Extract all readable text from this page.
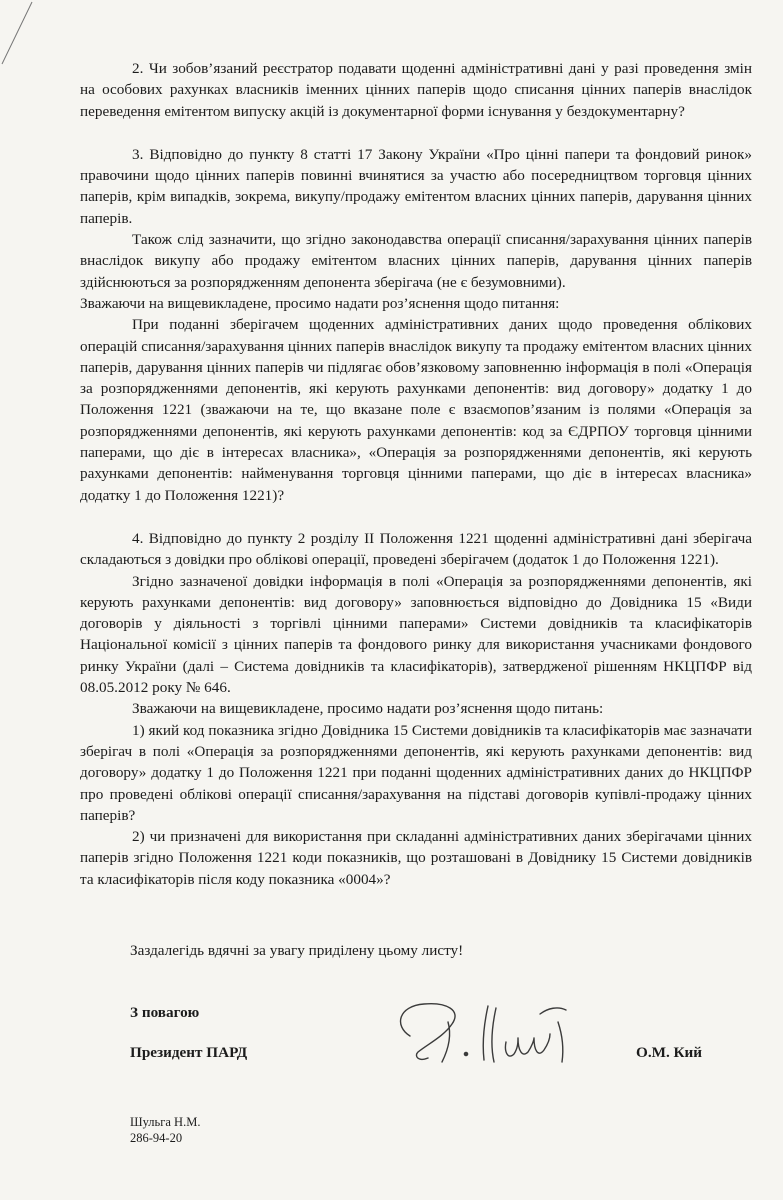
2. Чи зобов’язаний реєстратор подавати щоденні адміністративні дані у разі проведення змін на особових рахунках власників іменних цінних паперів щодо списання цінних паперів внаслідок переведення емітентом випуску акцій із документарної форми існування у бездокументарну?

3. Відповідно до пункту 8 статті 17 Закону України «Про цінні папери та фондовий ринок» правочини щодо цінних паперів повинні вчинятися за участю або посередництвом торговця цінних паперів, крім випадків, зокрема, викупу/продажу емітентом власних цінних паперів, дарування цінних паперів.

Також слід зазначити, що згідно законодавства операції списання/зарахування цінних паперів внаслідок викупу або продажу емітентом власних цінних паперів, дарування цінних паперів здійснюються за розпорядженням депонента зберігача (не є безумовними).

Зважаючи на вищевикладене, просимо надати роз’яснення щодо питання:

При поданні зберігачем щоденних адміністративних даних щодо проведення облікових операцій списання/зарахування цінних паперів внаслідок викупу та продажу емітентом власних цінних паперів, дарування цінних паперів чи підлягає обов’язковому заповненню інформація в полі «Операція за розпорядженнями депонентів, які керують рахунками депонентів: вид договору» додатку 1 до Положення 1221 (зважаючи на те, що вказане поле є взаємопов’язаним із полями «Операція за розпорядженнями депонентів, які керують рахунками депонентів: код за ЄДРПОУ торговця цінними паперами, що діє в інтересах власника», «Операція за розпорядженнями депонентів, які керують рахунками депонентів: найменування торговця цінними паперами, що діє в інтересах власника» додатку 1 до Положення 1221)?

4. Відповідно до пункту 2 розділу II Положення 1221 щоденні адміністративні дані зберігача складаються з довідки про облікові операції, проведені зберігачем (додаток 1 до Положення 1221).

Згідно зазначеної довідки інформація в полі «Операція за розпорядженнями депонентів, які керують рахунками депонентів: вид договору» заповнюється відповідно до Довідника 15 «Види договорів у діяльності з торгівлі цінними паперами» Системи довідників та класифікаторів Національної комісії з цінних паперів та фондового ринку для використання учасниками фондового ринку України (далі – Система довідників та класифікаторів), затвердженої рішенням НКЦПФР від 08.05.2012 року № 646.

Зважаючи на вищевикладене, просимо надати роз’яснення щодо питань:

1) який код показника згідно Довідника 15 Системи довідників та класифікаторів має зазначати зберігач в полі «Операція за розпорядженнями депонентів, які керують рахунками депонентів: вид договору» додатку 1 до Положення 1221 при поданні щоденних адміністративних даних до НКЦПФР про проведені облікові операції списання/зарахування на підставі договорів купівлі-продажу цінних паперів?

2) чи призначені для використання при складанні адміністративних даних зберігачами цінних паперів згідно Положення 1221 коди показників, що розташовані в Довіднику 15 Системи довідників та класифікаторів після коду показника «0004»?

Заздалегідь вдячні за увагу приділену цьому листу!
З повагою
Президент ПАРД	О.М. Кий
Шульга Н.М.
286-94-20
